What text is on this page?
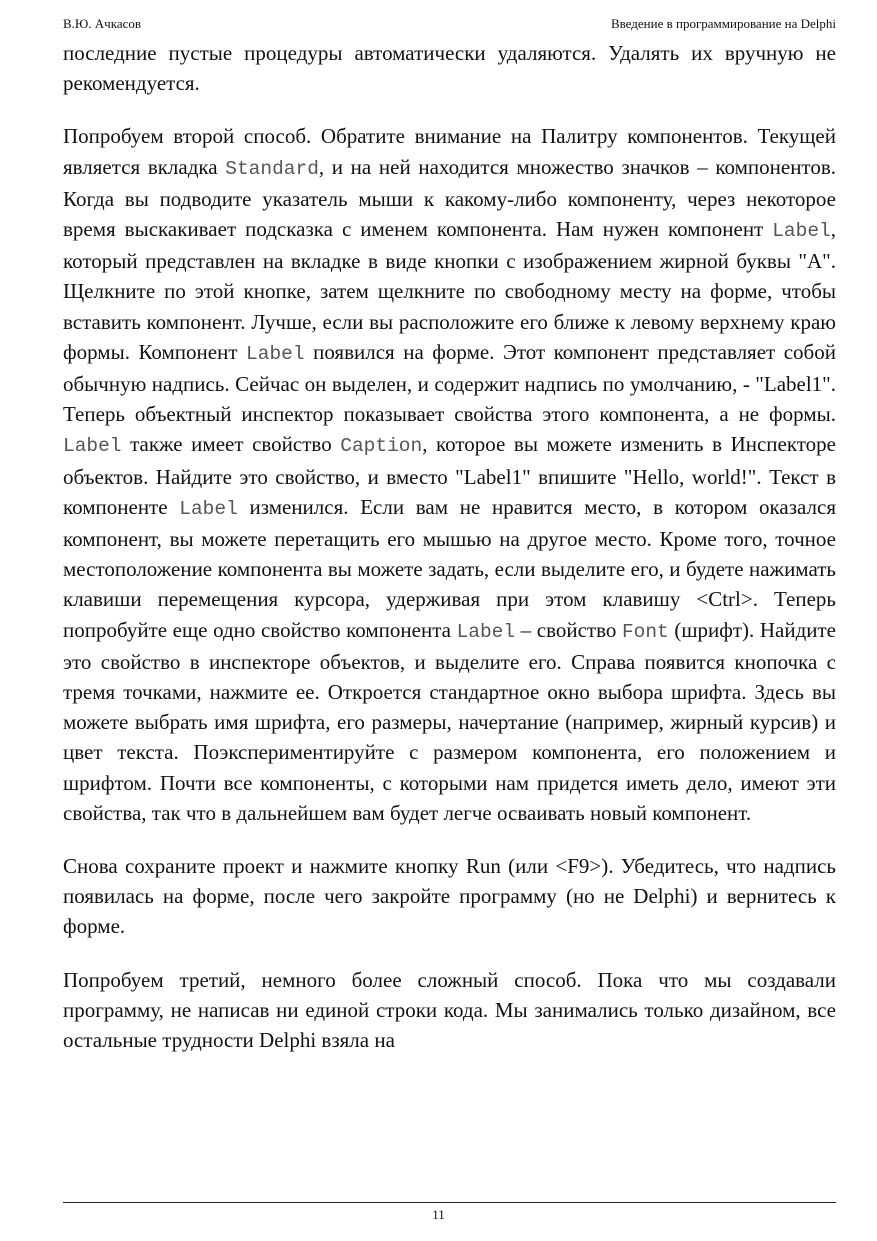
В.Ю. Ачкасов	Введение в программирование на Delphi

последние пустые процедуры автоматически удаляются. Удалять их вручную не рекомендуется.

Попробуем второй способ. Обратите внимание на Палитру компонентов. Текущей является вкладка Standard, и на ней находится множество значков – компонентов. Когда вы подводите указатель мыши к какому-либо компоненту, через некоторое время выскакивает подсказка с именем компонента. Нам нужен компонент Label, который представлен на вкладке в виде кнопки с изображением жирной буквы "A". Щелкните по этой кнопке, затем щелкните по свободному месту на форме, чтобы вставить компонент. Лучше, если вы расположите его ближе к левому верхнему краю формы. Компонент Label появился на форме. Этот компонент представляет собой обычную надпись. Сейчас он выделен, и содержит надпись по умолчанию, - "Label1". Теперь объектный инспектор показывает свойства этого компонента, а не формы. Label также имеет свойство Caption, которое вы можете изменить в Инспекторе объектов. Найдите это свойство, и вместо "Label1" впишите "Hello, world!". Текст в компоненте Label изменился. Если вам не нравится место, в котором оказался компонент, вы можете перетащить его мышью на другое место. Кроме того, точное местоположение компонента вы можете задать, если выделите его, и будете нажимать клавиши перемещения курсора, удерживая при этом клавишу <Ctrl>. Теперь попробуйте еще одно свойство компонента Label – свойство Font (шрифт). Найдите это свойство в инспекторе объектов, и выделите его. Справа появится кнопочка с тремя точками, нажмите ее. Откроется стандартное окно выбора шрифта. Здесь вы можете выбрать имя шрифта, его размеры, начертание (например, жирный курсив) и цвет текста. Поэкспериментируйте с размером компонента, его положением и шрифтом. Почти все компоненты, с которыми нам придется иметь дело, имеют эти свойства, так что в дальнейшем вам будет легче осваивать новый компонент.

Снова сохраните проект и нажмите кнопку Run (или <F9>). Убедитесь, что надпись появилась на форме, после чего закройте программу (но не Delphi) и вернитесь к форме.

Попробуем третий, немного более сложный способ. Пока что мы создавали программу, не написав ни единой строки кода. Мы занимались только дизайном, все остальные трудности Delphi взяла на

11
